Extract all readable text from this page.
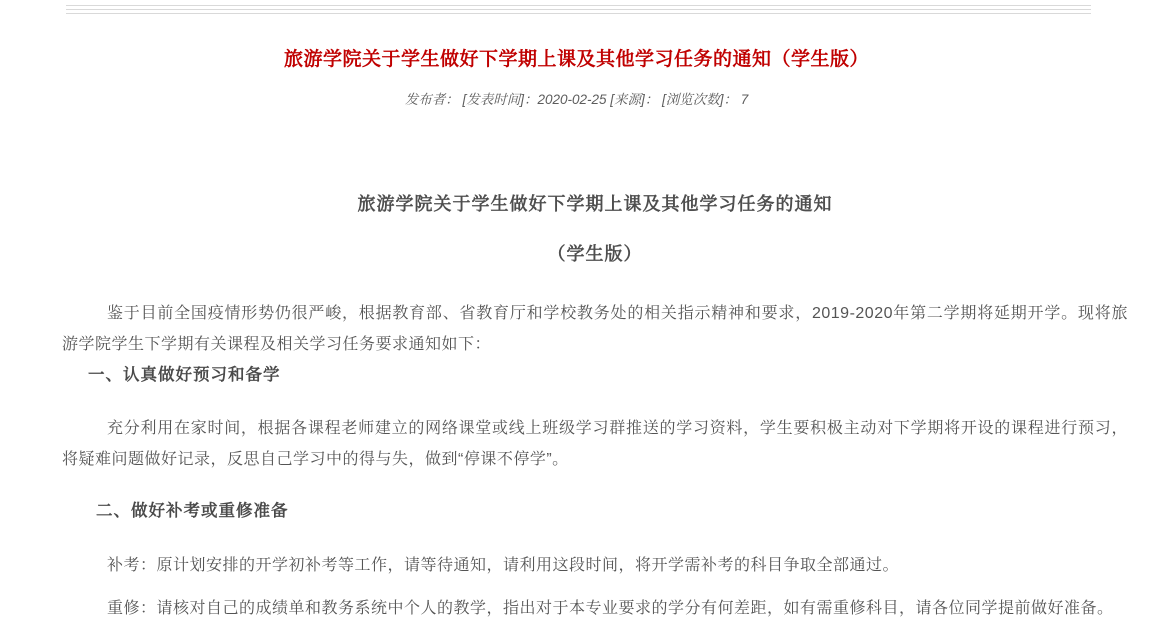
旅游学院关于学生做好下学期上课及其他学习任务的通知（学生版）
发布者： [发表时间]：2020-02-25 [来源]： [浏览次数]： 7
旅游学院关于学生做好下学期上课及其他学习任务的通知
（学生版）

鉴于目前全国疫情形势仍很严峻，根据教育部、省教育厅和学校教务处的相关指示精神和要求，2019-2020年第二学期将延期开学。现将旅游学院学生下学期有关课程及相关学习任务要求通知如下：

一、认真做好预习和备学

充分利用在家时间，根据各课程老师建立的网络课堂或线上班级学习群推送的学习资料，学生要积极主动对下学期将开设的课程进行预习，将疑难问题做好记录，反思自己学习中的得与失，做到“停课不停学”。

二、做好补考或重修准备

补考：原计划安排的开学初补考等工作，请等待通知，请利用这段时间，将开学需补考的科目争取全部通过。

重修：请核对自己的成绩单和教务系统中个人的教学，指出对于本专业要求的学分有何差距，如有需重修科目，请各位同学提前做好准备。
